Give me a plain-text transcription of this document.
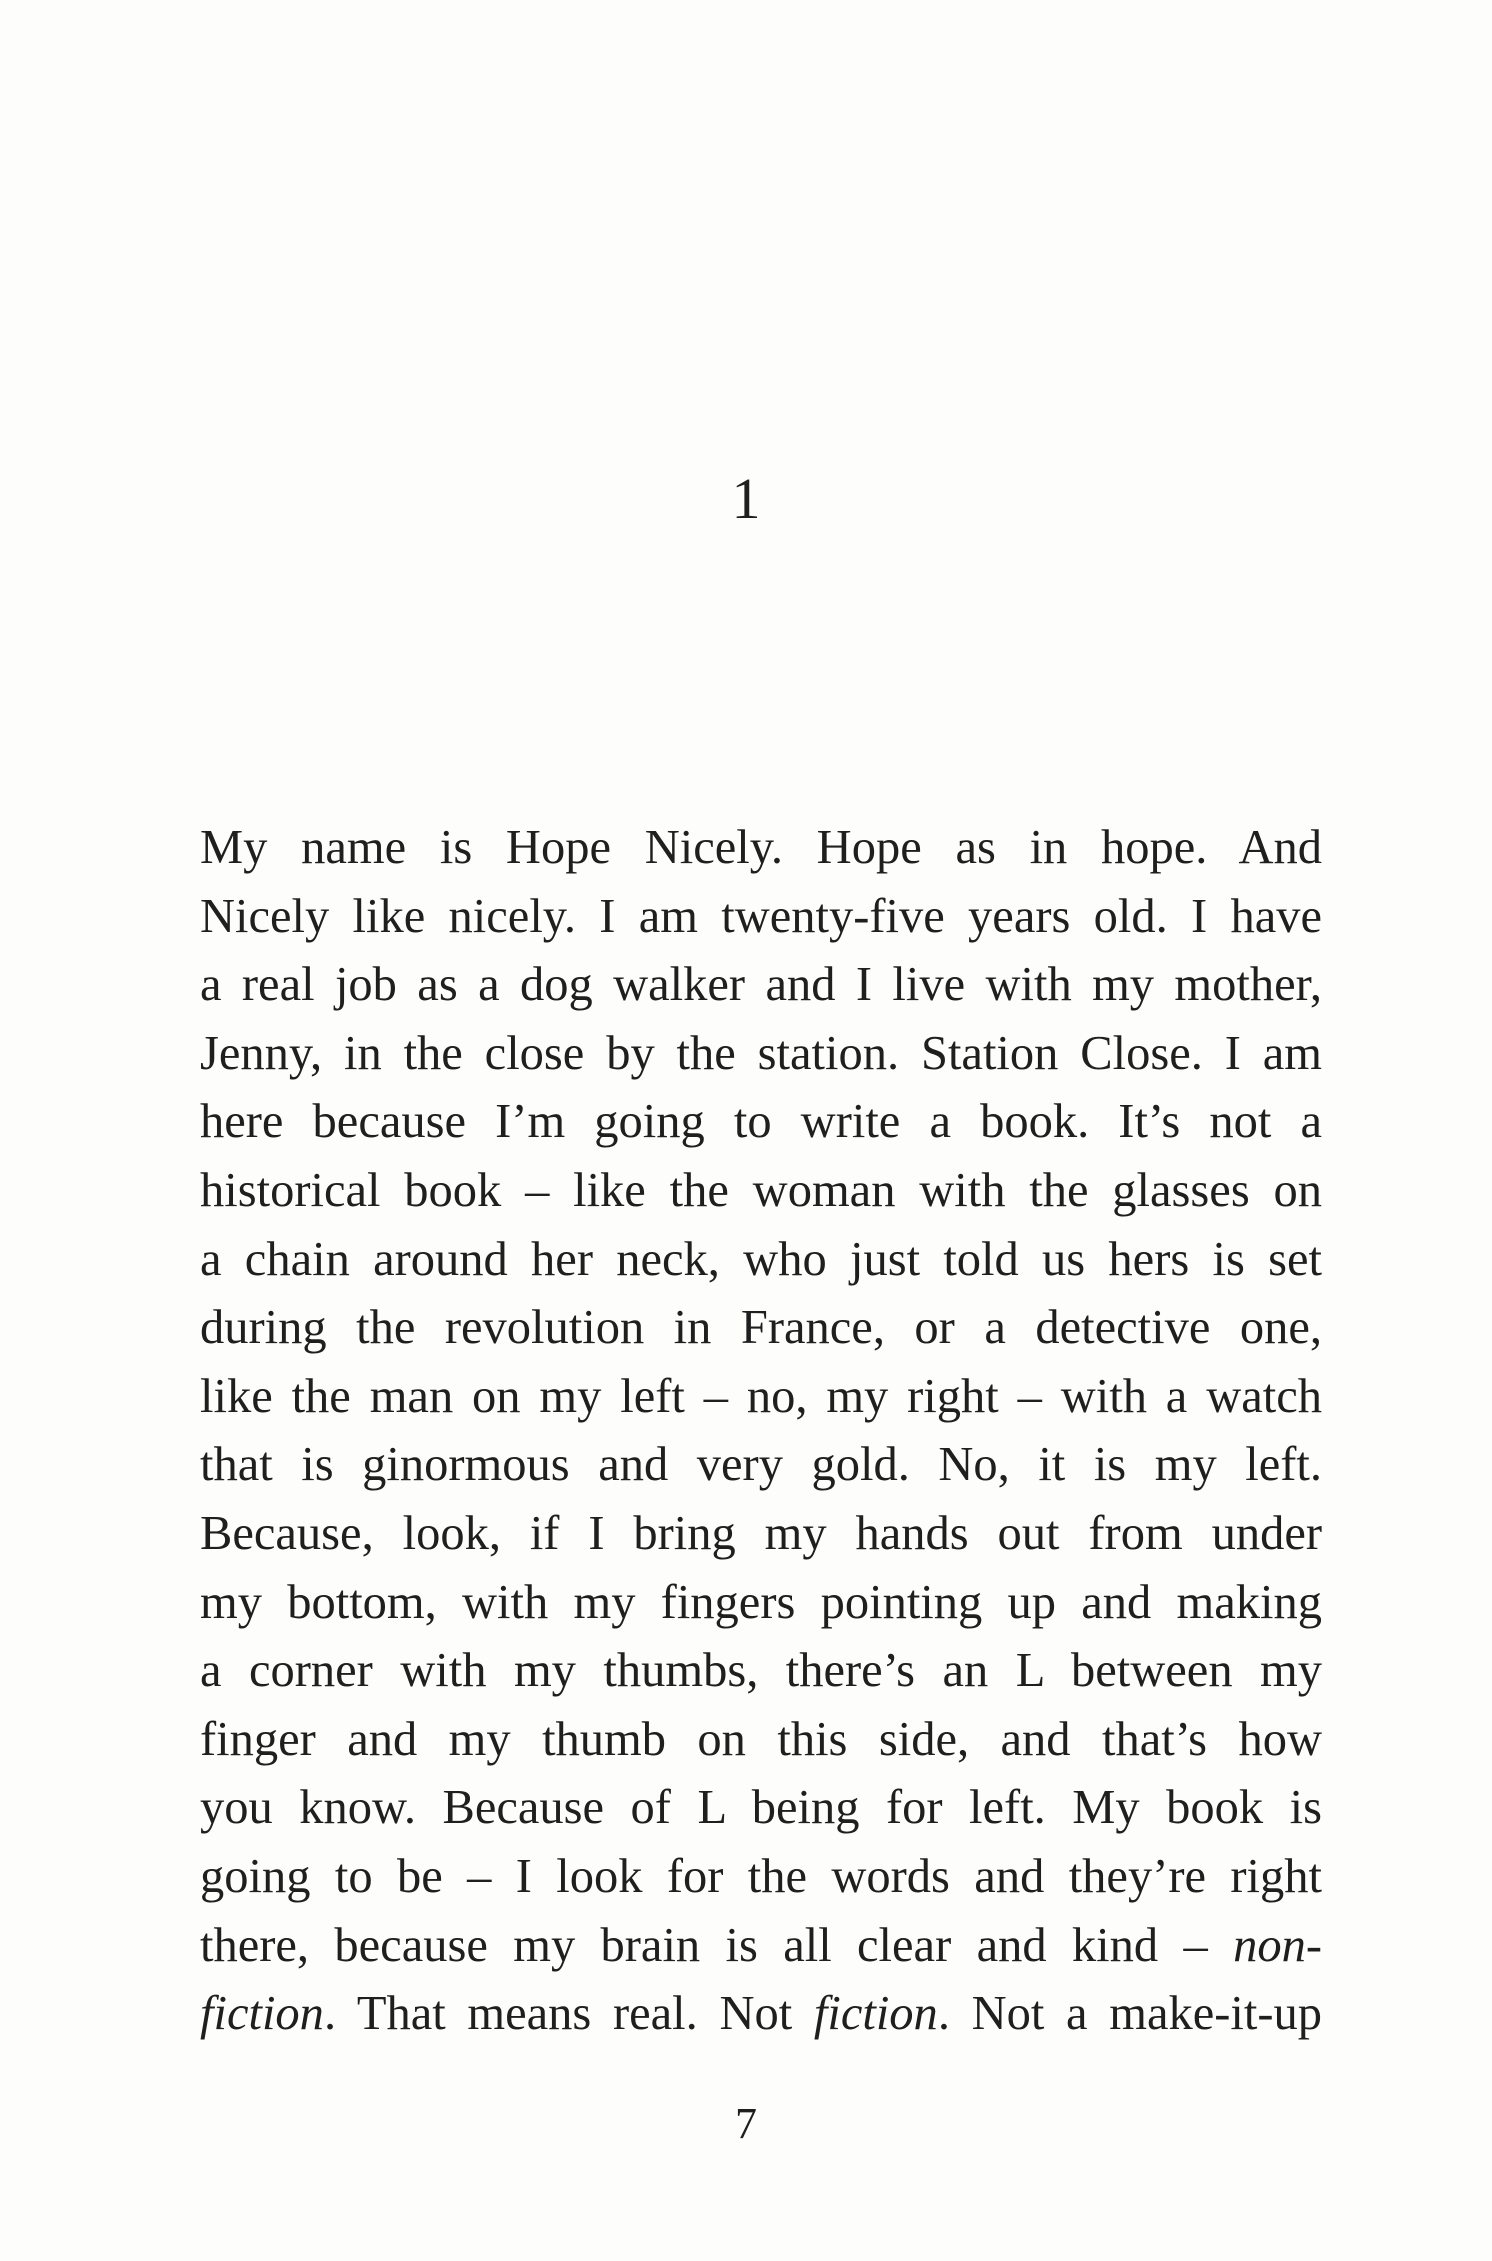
1
My name is Hope Nicely. Hope as in hope. And
Nicely like nicely. I am twenty-five years old. I have
a real job as a dog walker and I live with my mother,
Jenny, in the close by the station. Station Close. I am
here because I’m going to write a book. It’s not a
historical book – like the woman with the glasses on
a chain around her neck, who just told us hers is set
during the revolution in France, or a detective one,
like the man on my left – no, my right – with a watch
that is ginormous and very gold. No, it is my left.
Because, look, if I bring my hands out from under
my bottom, with my fingers pointing up and making
a corner with my thumbs, there’s an L between my
finger and my thumb on this side, and that’s how
you know. Because of L being for left. My book is
going to be – I look for the words and they’re right
there, because my brain is all clear and kind – non-
fiction. That means real. Not fiction. Not a make-it-up
7
